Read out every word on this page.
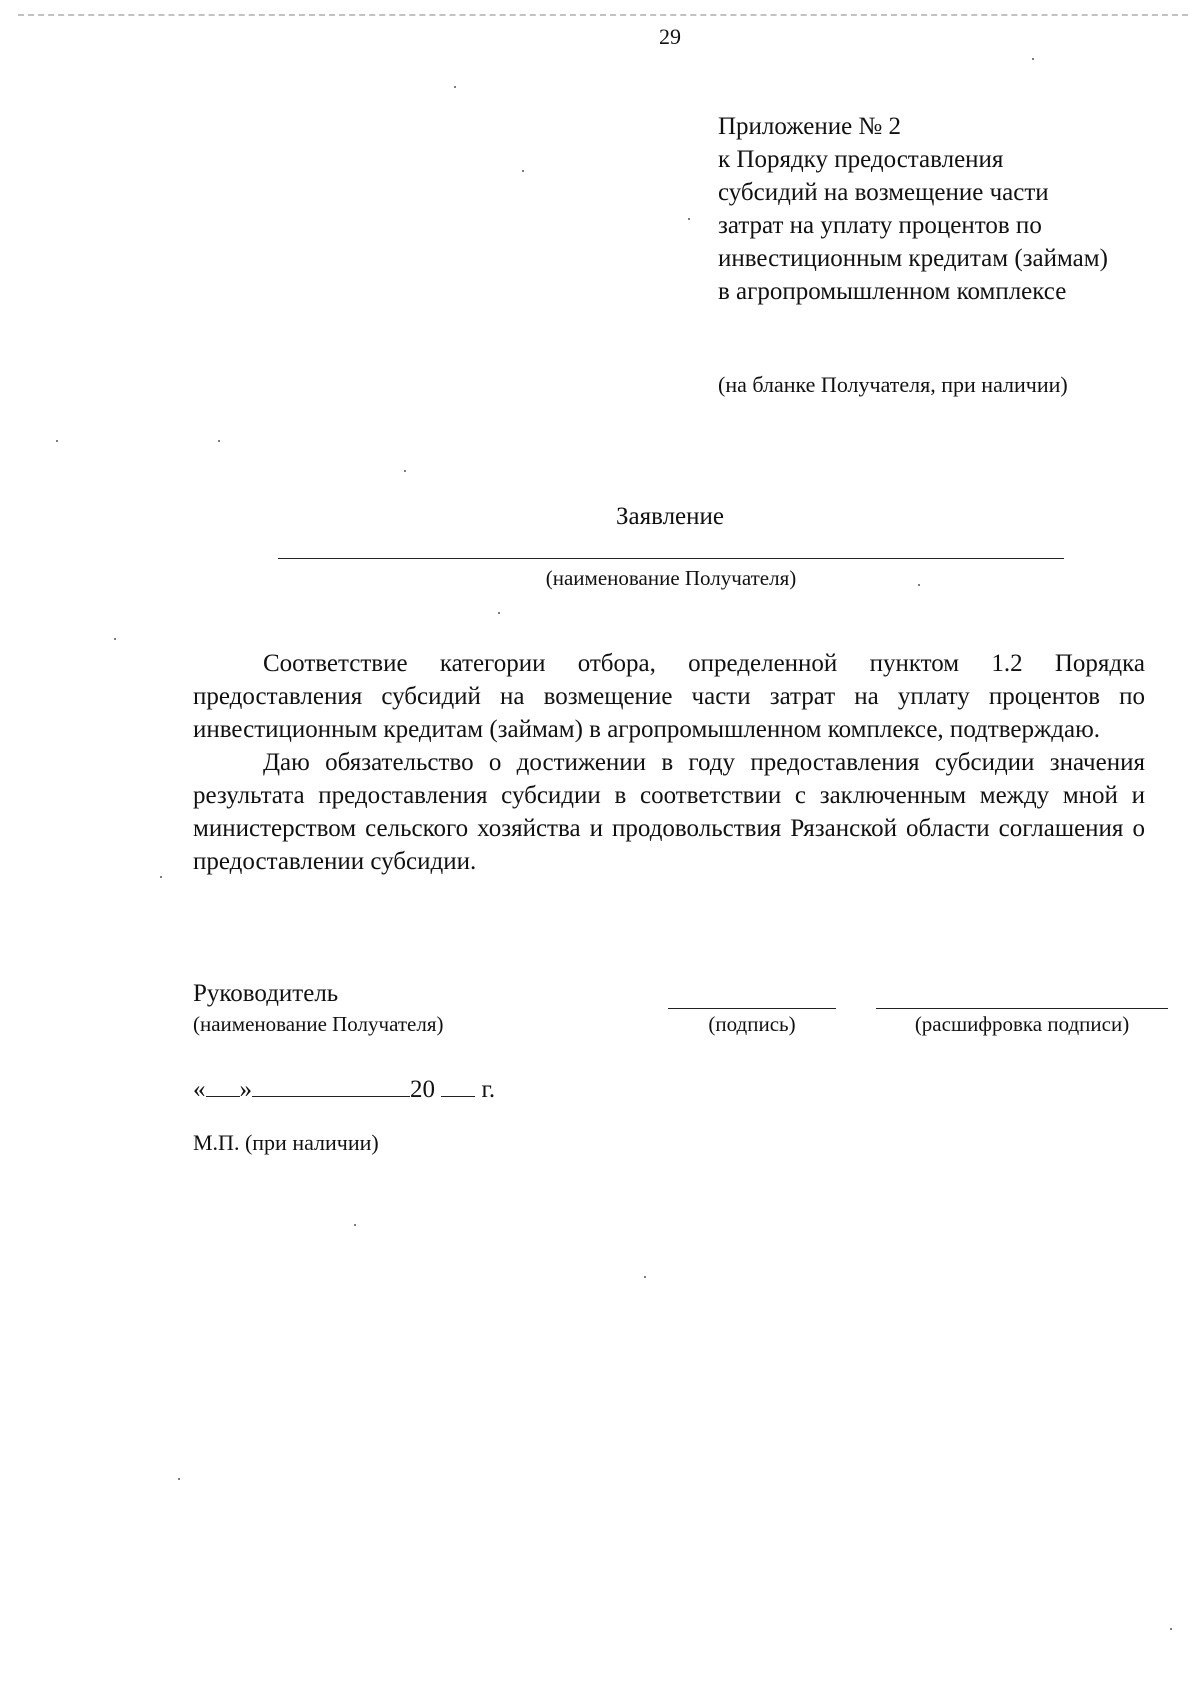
29
Приложение № 2
к Порядку предоставления
субсидий на возмещение части
затрат на уплату процентов по
инвестиционным кредитам (займам)
в агропромышленном комплексе
(на бланке Получателя, при наличии)
Заявление
(наименование Получателя)

Соответствие категории отбора, определенной пунктом 1.2 Порядка предоставления субсидий на возмещение части затрат на уплату процентов по инвестиционным кредитам (займам) в агропромышленном комплексе, подтверждаю.

Даю обязательство о достижении в году предоставления субсидии значения результата предоставления субсидии в соответствии с заключенным между мной и министерством сельского хозяйства и продовольствия Рязанской области соглашения о предоставлении субсидии.

Руководитель
(наименование Получателя)	(подпись)	(расшифровка подписи)
« »	20 г.
М.П. (при наличии)
